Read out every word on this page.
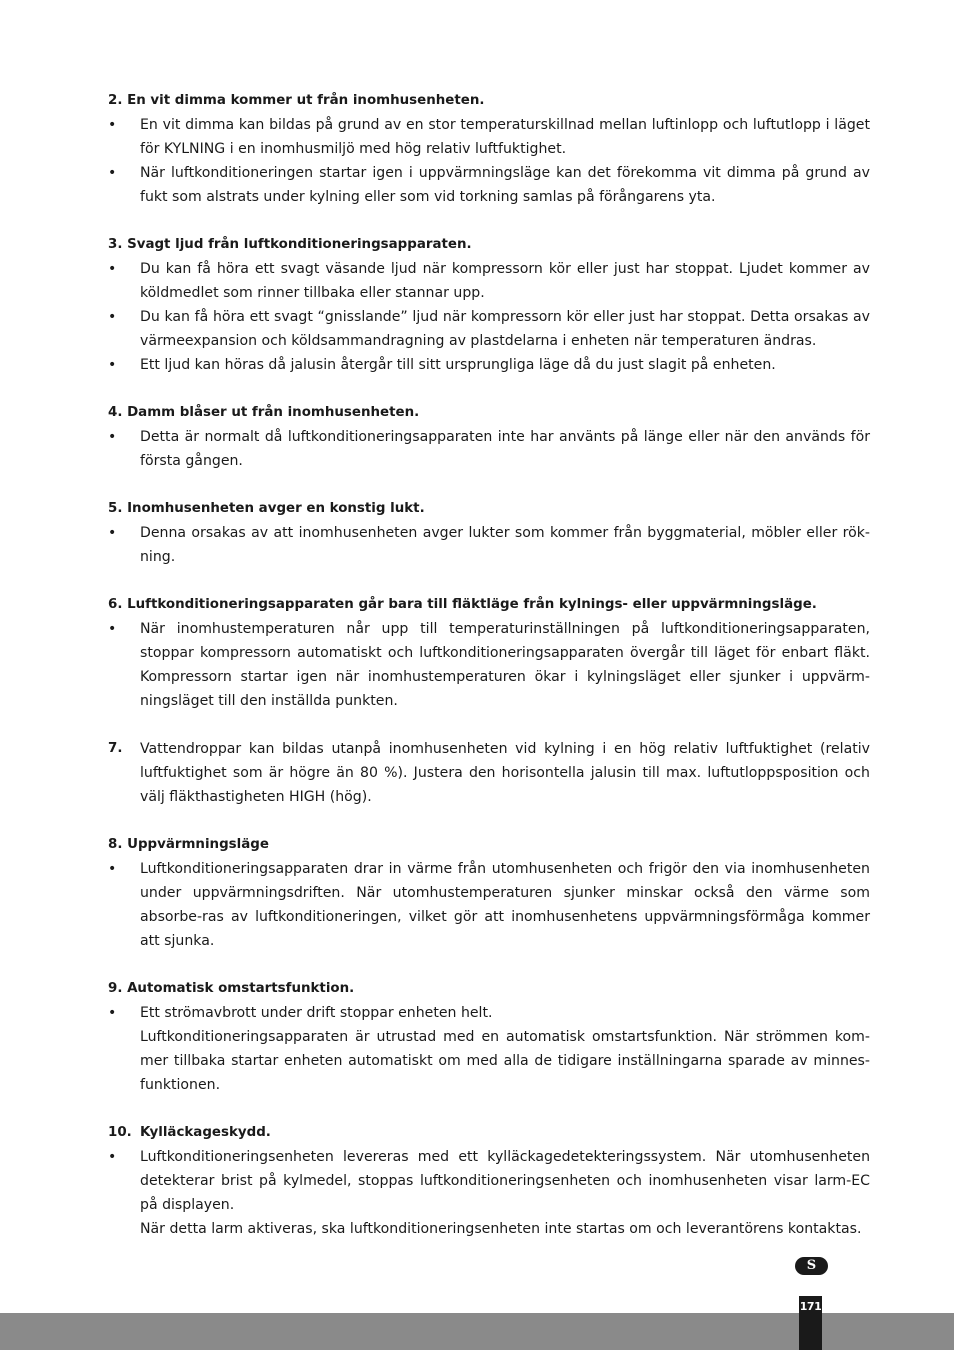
2. En vit dimma kommer ut från inomhusenheten.
•	En vit dimma kan bildas på grund av en stor temperaturskillnad mellan luftinlopp och luftutlopp i läget för KYLNING i en inomhusmiljö med hög relativ luftfuktighet.
•	När luftkonditioneringen startar igen i uppvärmningsläge kan det förekomma vit dimma på grund av fukt som alstrats under kylning eller som vid torkning samlas på förångarens yta.
3. Svagt ljud från luftkonditioneringsapparaten.
•	Du kan få höra ett svagt väsande ljud när kompressorn kör eller just har stoppat. Ljudet kommer av köldmedlet som rinner tillbaka eller stannar upp.
•	Du kan få höra ett svagt “gnisslande” ljud när kompressorn kör eller just har stoppat. Detta orsakas av värmeexpansion och köldsammandragning av plastdelarna i enheten när temperaturen ändras.
•	Ett ljud kan höras då jalusin återgår till sitt ursprungliga läge då du just slagit på enheten.
4. Damm blåser ut från inomhusenheten.
•	Detta är normalt då luftkonditioneringsapparaten inte har använts på länge eller när den används för första gången.
5. Inomhusenheten avger en konstig lukt.
•	Denna orsakas av att inomhusenheten avger lukter som kommer från byggmaterial, möbler eller rök-ning.
6. Luftkonditioneringsapparaten går bara till fläktläge från kylnings- eller uppvärmningsläge.
•	När inomhustemperaturen når upp till temperaturinställningen på luftkonditioneringsapparaten, stoppar kompressorn automatiskt och luftkonditioneringsapparaten övergår till läget för enbart fläkt. Kompressorn startar igen när inomhustemperaturen ökar i kylningsläget eller sjunker i uppvärm-ningsläget till den inställda punkten.
7.	Vattendroppar kan bildas utanpå inomhusenheten vid kylning i en hög relativ luftfuktighet (relativ luftfuktighet som är högre än 80 %). Justera den horisontella jalusin till max. luftutloppsposition och välj fläkthastigheten HIGH (hög).
8. Uppvärmningsläge
•	Luftkonditioneringsapparaten drar in värme från utomhusenheten och frigör den via inomhusenheten under uppvärmningsdriften. När utomhustemperaturen sjunker minskar också den värme som absorbe-ras av luftkonditioneringen, vilket gör att inomhusenhetens uppvärmningsförmåga kommer att sjunka.
9. Automatisk omstartsfunktion.
•	Ett strömavbrott under drift stoppar enheten helt.
Luftkonditioneringsapparaten är utrustad med en automatisk omstartsfunktion. När strömmen kom-mer tillbaka startar enheten automatiskt om med alla de tidigare inställningarna sparade av minnes-funktionen.
10. Kylläckageskydd.
•	Luftkonditioneringsenheten levereras med ett kylläckagedetekteringssystem. När utomhusenheten detekterar brist på kylmedel, stoppas luftkonditioneringsenheten och inomhusenheten visar larm-EC på displayen.
När detta larm aktiveras, ska luftkonditioneringsenheten inte startas om och leverantörens kontaktas.
S
171
